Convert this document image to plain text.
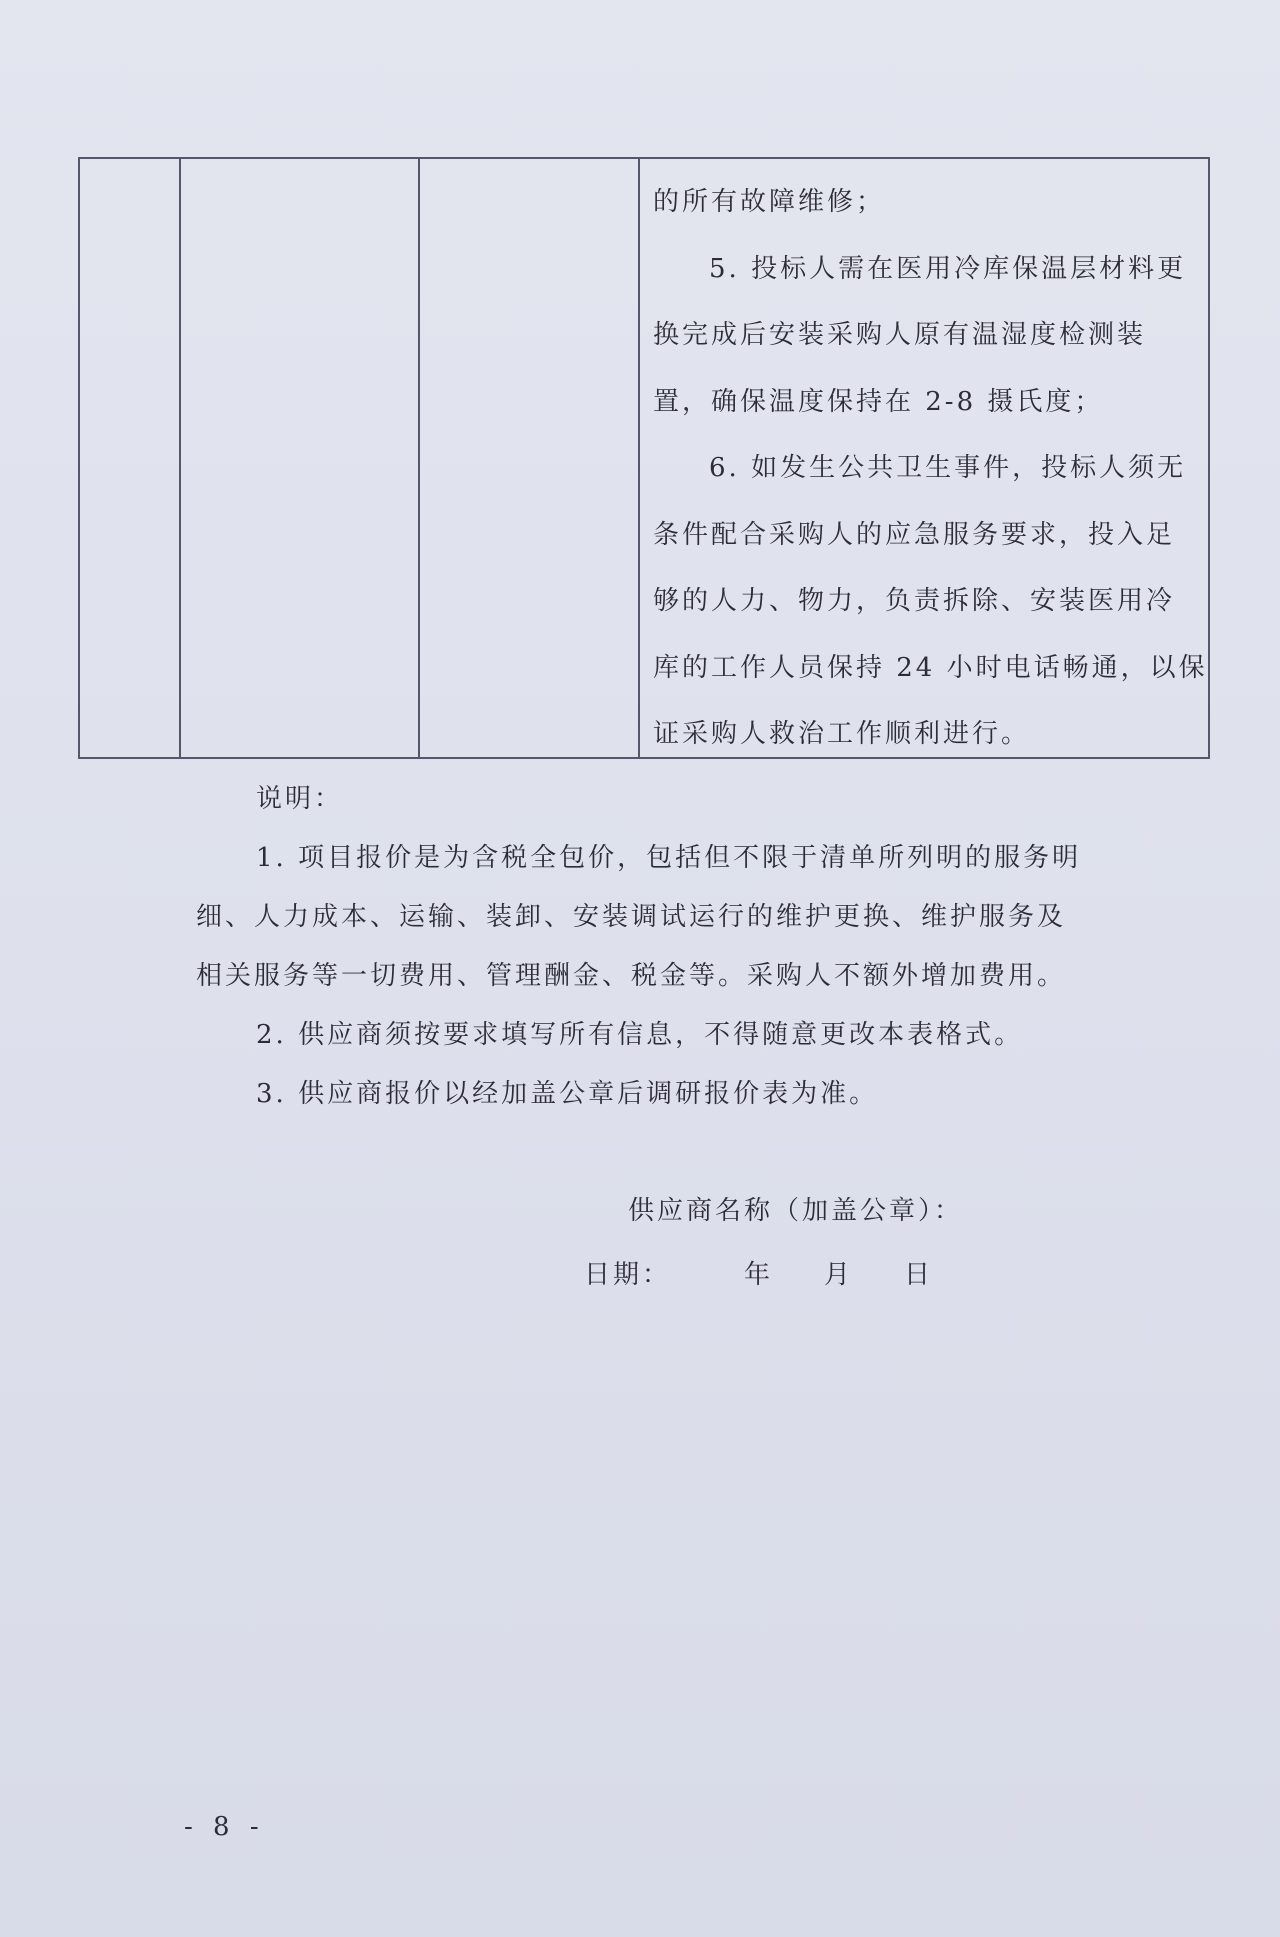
的所有故障维修；

5. 投标人需在医用冷库保温层材料更

换完成后安装采购人原有温湿度检测装

置，确保温度保持在 2-8 摄氏度；

6. 如发生公共卫生事件，投标人须无

条件配合采购人的应急服务要求，投入足

够的人力、物力，负责拆除、安装医用冷

库的工作人员保持 24 小时电话畅通，以保

证采购人救治工作顺利进行。

说明：

1. 项目报价是为含税全包价，包括但不限于清单所列明的服务明

细、人力成本、运输、装卸、安装调试运行的维护更换、维护服务及

相关服务等一切费用、管理酬金、税金等。采购人不额外增加费用。

2. 供应商须按要求填写所有信息，不得随意更改本表格式。

3. 供应商报价以经加盖公章后调研报价表为准。

供应商名称（加盖公章）：
日期：	年 月 日
- 8 -
